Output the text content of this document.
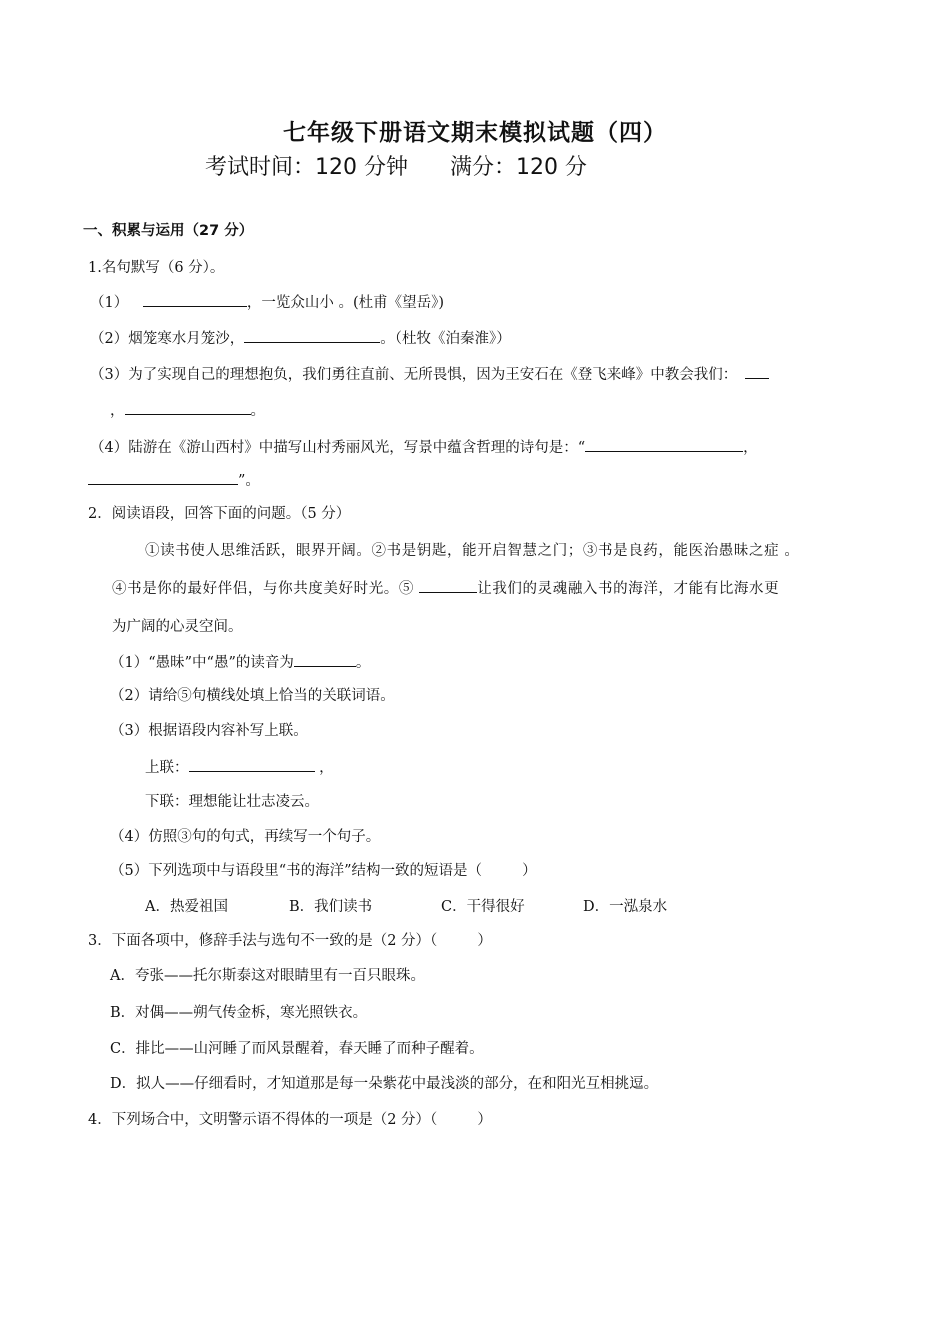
七年级下册语文期末模拟试题（四）
考试时间：120 分钟      满分：120 分
一、积累与运用（27 分）
1.名句默写（6 分）。
（1）	，一览众山小 。(杜甫《望岳》)
（2）烟笼寒水月笼沙，	。（杜牧《泊秦淮》）
（3）为了实现自己的理想抱负，我们勇往直前、无所畏惧，因为王安石在《登飞来峰》中教会我们：
，	。
（4）陆游在《游山西村》中描写山村秀丽风光，写景中蕴含哲理的诗句是：“	，
”。
2．阅读语段，回答下面的问题。（5 分）
①读书使人思维活跃，眼界开阔。②书是钥匙，能开启智慧之门；③书是良药，能医治愚昧之症 。
④书是你的最好伴侣，与你共度美好时光。⑤	让我们的灵魂融入书的海洋，才能有比海水更
为广阔的心灵空间。
（1）“愚昧”中“愚”的读音为	。
（2）请给⑤句横线处填上恰当的关联词语。
（3）根据语段内容补写上联。
上联：	，
下联：理想能让壮志凌云。
（4）仿照③句的句式，再续写一个句子。
（5）下列选项中与语段里“书的海洋”结构一致的短语是（	）
A．热爱祖国	B．我们读书	C．干得很好	D．一泓泉水
3．下面各项中，修辞手法与选句不一致的是（2 分）（	）
A．夸张——托尔斯泰这对眼睛里有一百只眼珠。
B．对偶——朔气传金柝，寒光照铁衣。
C．排比——山河睡了而风景醒着，春天睡了而种子醒着。
D．拟人——仔细看时，才知道那是每一朵紫花中最浅淡的部分，在和阳光互相挑逗。
4．下列场合中，文明警示语不得体的一项是（2 分）（	）
